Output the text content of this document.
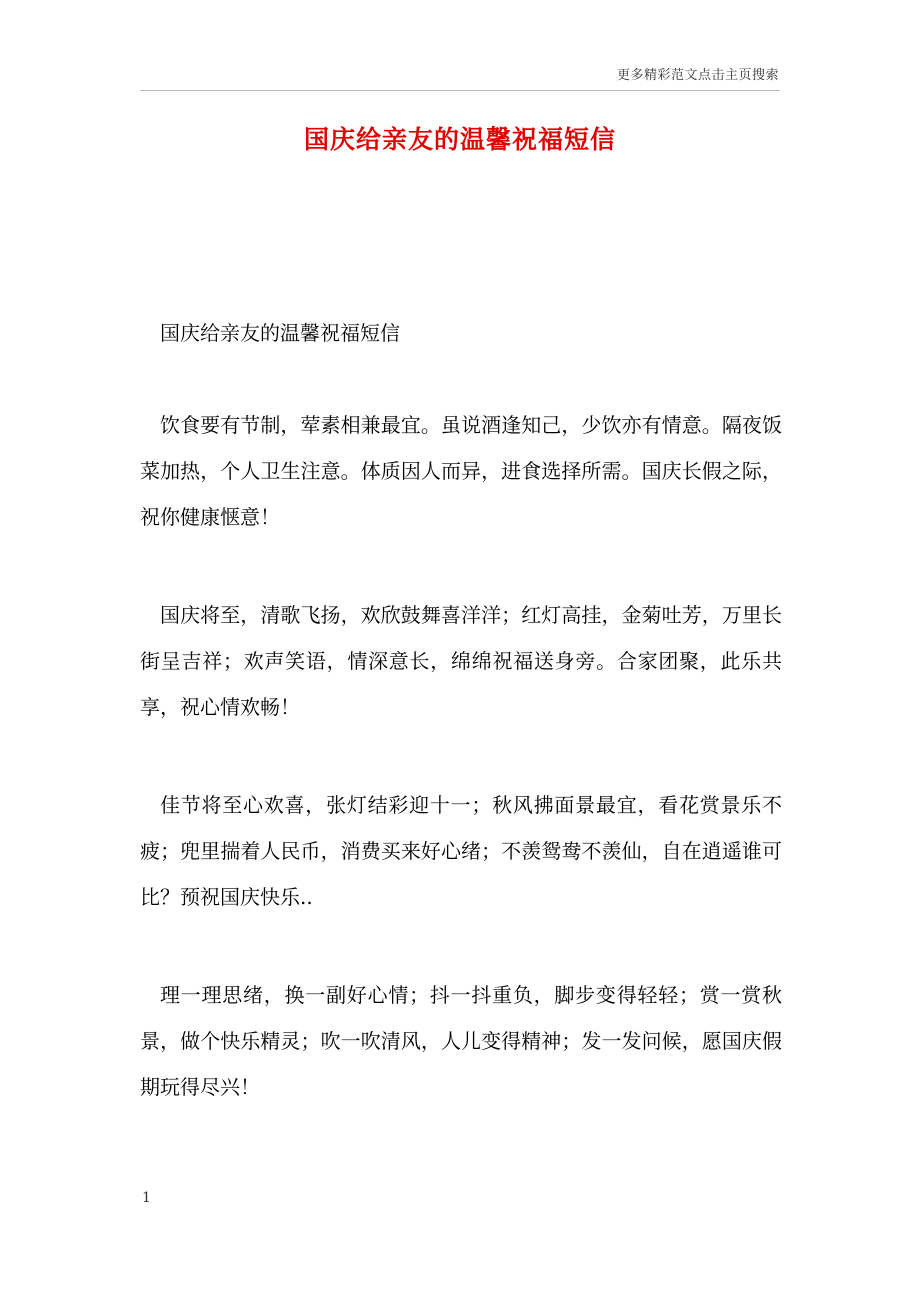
更多精彩范文点击主页搜索
国庆给亲友的温馨祝福短信

国庆给亲友的温馨祝福短信

饮食要有节制，荤素相兼最宜。虽说酒逢知己，少饮亦有情意。隔夜饭菜加热，个人卫生注意。体质因人而异，进食选择所需。国庆长假之际，祝你健康惬意！

国庆将至，清歌飞扬，欢欣鼓舞喜洋洋；红灯高挂，金菊吐芳，万里长街呈吉祥；欢声笑语，情深意长，绵绵祝福送身旁。合家团聚，此乐共享，祝心情欢畅！

佳节将至心欢喜，张灯结彩迎十一；秋风拂面景最宜，看花赏景乐不疲；兜里揣着人民币，消费买来好心绪；不羡鸳鸯不羡仙，自在逍遥谁可比？预祝国庆快乐..

理一理思绪，换一副好心情；抖一抖重负，脚步变得轻轻；赏一赏秋景，做个快乐精灵；吹一吹清风，人儿变得精神；发一发问候，愿国庆假期玩得尽兴！

1
